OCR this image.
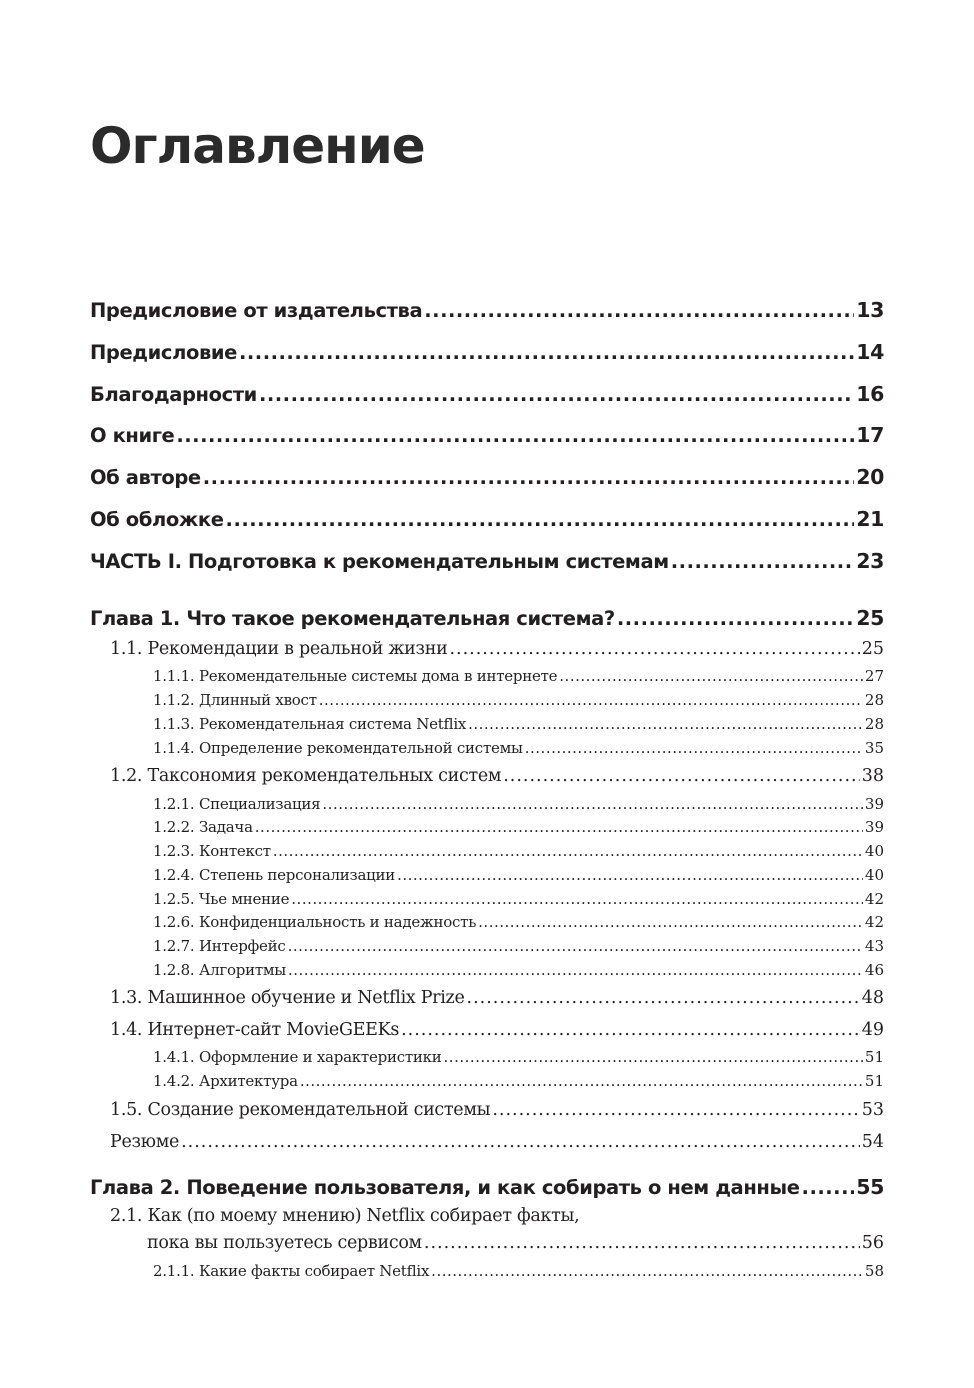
Оглавление
Предисловие от издательства .....	13
Предисловие .....	14
Благодарности .....	16
О книге .....	17
Об авторе .....	20
Об обложке .....	21
ЧАСТЬ I. Подготовка к рекомендательным системам .....	23
Глава 1. Что такое рекомендательная система? .....	25
1.1. Рекомендации в реальной жизни .....	25
1.1.1. Рекомендательные системы дома в интернете .....	27
1.1.2. Длинный хвост .....	28
1.1.3. Рекомендательная система Netflix .....	28
1.1.4. Определение рекомендательной системы .....	35
1.2. Таксономия рекомендательных систем .....	38
1.2.1. Специализация .....	39
1.2.2. Задача .....	39
1.2.3. Контекст .....	40
1.2.4. Степень персонализации .....	40
1.2.5. Чье мнение .....	42
1.2.6. Конфиденциальность и надежность .....	42
1.2.7. Интерфейс .....	43
1.2.8. Алгоритмы .....	46
1.3. Машинное обучение и Netflix Prize .....	48
1.4. Интернет-сайт MovieGEEKs .....	49
1.4.1. Оформление и характеристики .....	51
1.4.2. Архитектура .....	51
1.5. Создание рекомендательной системы .....	53
Резюме .....	54
Глава 2. Поведение пользователя, и как собирать о нем данные .....	55
2.1. Как (по моему мнению) Netflix собирает факты,
пока вы пользуетесь сервисом .....	56
2.1.1. Какие факты собирает Netflix .....	58
